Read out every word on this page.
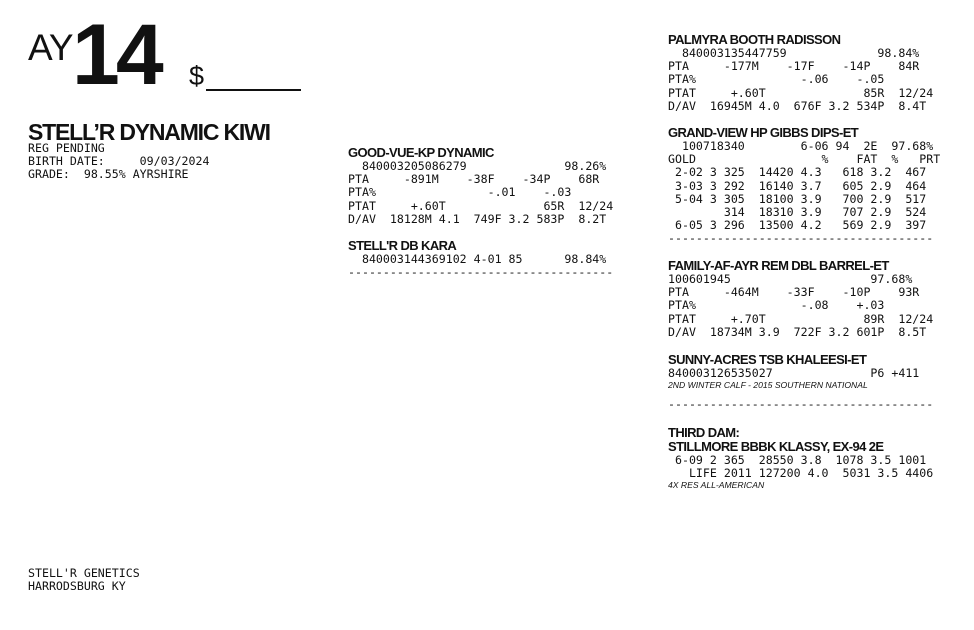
AY 14 $
STELL’R DYNAMIC KIWI
REG PENDING
BIRTH DATE:     09/03/2024
GRADE:  98.55% AYRSHIRE
GOOD-VUE-KP DYNAMIC
840003205086279              98.26%
PTA     -891M    -38F    -34P    68R
PTA%                -.01    -.03
PTAT     +.60T              65R  12/24
D/AV  18128M 4.1  749F 3.2 583P  8.2T
STELL'R DB KARA
840003144369102 4-01 85      98.84%
--------------------------------------
PALMYRA BOOTH RADISSON
840003135447759             98.84%
PTA     -177M    -17F    -14P    84R
PTA%               -.06    -.05
PTAT     +.60T              85R  12/24
D/AV  16945M 4.0  676F 3.2 534P  8.4T
GRAND-VIEW HP GIBBS DIPS-ET
100718340        6-06 94  2E  97.68%
GOLD                  %    FAT  %   PRT
2-02 3 325  14420 4.3   618 3.2  467
3-03 3 292  16140 3.7   605 2.9  464
5-04 3 305  18100 3.9   700 2.9  517
314  18310 3.9   707 2.9  524
6-05 3 296  13500 4.2   569 2.9  397
--------------------------------------
FAMILY-AF-AYR REM DBL BARREL-ET
100601945                    97.68%
PTA     -464M    -33F    -10P    93R
PTA%               -.08    +.03
PTAT     +.70T              89R  12/24
D/AV  18734M 3.9  722F 3.2 601P  8.5T
SUNNY-ACRES TSB KHALEESI-ET
840003126535027              P6 +411
2ND WINTER CALF - 2015 SOUTHERN NATIONAL
--------------------------------------
THIRD DAM:
STILLMORE BBBK KLASSY, EX-94 2E
6-09 2 365  28550 3.8  1078 3.5 1001
LIFE 2011 127200 4.0  5031 3.5 4406
4X RES ALL-AMERICAN
STELL'R GENETICS
HARRODSBURG KY
